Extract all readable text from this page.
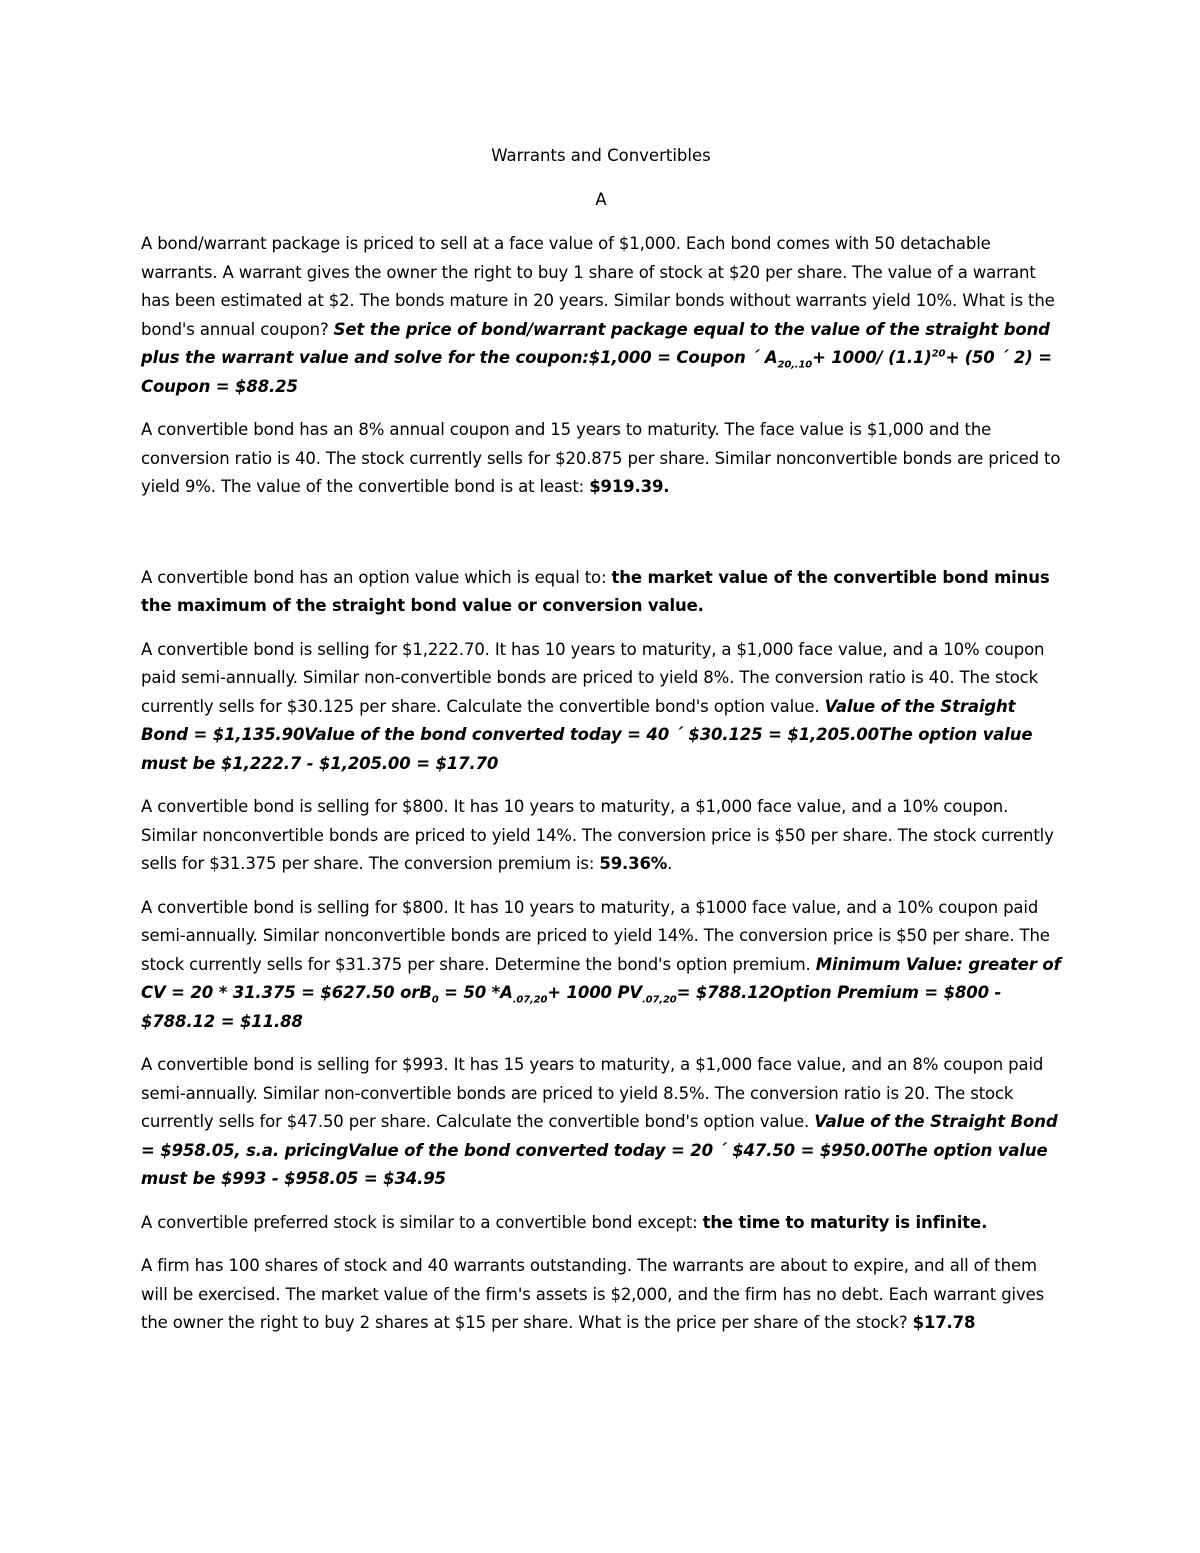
Warrants and Convertibles
A

A bond/warrant package is priced to sell at a face value of $1,000. Each bond comes with 50 detachable warrants. A warrant gives the owner the right to buy 1 share of stock at $20 per share. The value of a warrant has been estimated at $2. The bonds mature in 20 years. Similar bonds without warrants yield 10%. What is the bond's annual coupon? Set the price of bond/warrant package equal to the value of the straight bond plus the warrant value and solve for the coupon:$1,000 = Coupon ´ $A_{20,.10}+ 1000/$ $(1.1)^{20}+ (50$ ´ 2) = Coupon = $88.25

A convertible bond has an 8% annual coupon and 15 years to maturity. The face value is $1,000 and the conversion ratio is 40. The stock currently sells for $20.875 per share. Similar nonconvertible bonds are priced to yield 9%. The value of the convertible bond is at least: $919.39.

A convertible bond has an option value which is equal to: the market value of the convertible bond minus the maximum of the straight bond value or conversion value.

A convertible bond is selling for $1,222.70. It has 10 years to maturity, a $1,000 face value, and a 10% coupon paid semi-annually. Similar non-convertible bonds are priced to yield 8%. The conversion ratio is 40. The stock currently sells for $30.125 per share. Calculate the convertible bond's option value. Value of the Straight Bond = $1,135.90Value of the bond converted today = 40 ´ $30.125 = $1,205.00The option value must be $1,222.7 - $1,205.00 = $17.70

A convertible bond is selling for $800. It has 10 years to maturity, a $1,000 face value, and a 10% coupon. Similar nonconvertible bonds are priced to yield 14%. The conversion price is $50 per share. The stock currently sells for $31.375 per share. The conversion premium is: 59.36%.

A convertible bond is selling for $800. It has 10 years to maturity, a $1000 face value, and a 10% coupon paid semi-annually. Similar nonconvertible bonds are priced to yield 14%. The conversion price is $50 per share. The stock currently sells for $31.375 per share. Determine the bond's option premium. Minimum Value: greater of CV = 20 * 31.375 = $627.50 orB$_0$ = 50 $*A_{.07,20}+ 1000$ $PV_{.07,20}=$ $788.12Option Premium = $800 - $788.12 = $11.88

A convertible bond is selling for $993. It has 15 years to maturity, a $1,000 face value, and an 8% coupon paid semi-annually. Similar non-convertible bonds are priced to yield 8.5%. The conversion ratio is 20. The stock currently sells for $47.50 per share. Calculate the convertible bond's option value. Value of the Straight Bond = $958.05, s.a. pricingValue of the bond converted today = 20 ´ $47.50 = $950.00The option value must be $993 - $958.05 = $34.95

A convertible preferred stock is similar to a convertible bond except: the time to maturity is infinite.

A firm has 100 shares of stock and 40 warrants outstanding. The warrants are about to expire, and all of them will be exercised. The market value of the firm's assets is $2,000, and the firm has no debt. Each warrant gives the owner the right to buy 2 shares at $15 per share. What is the price per share of the stock? $17.78
